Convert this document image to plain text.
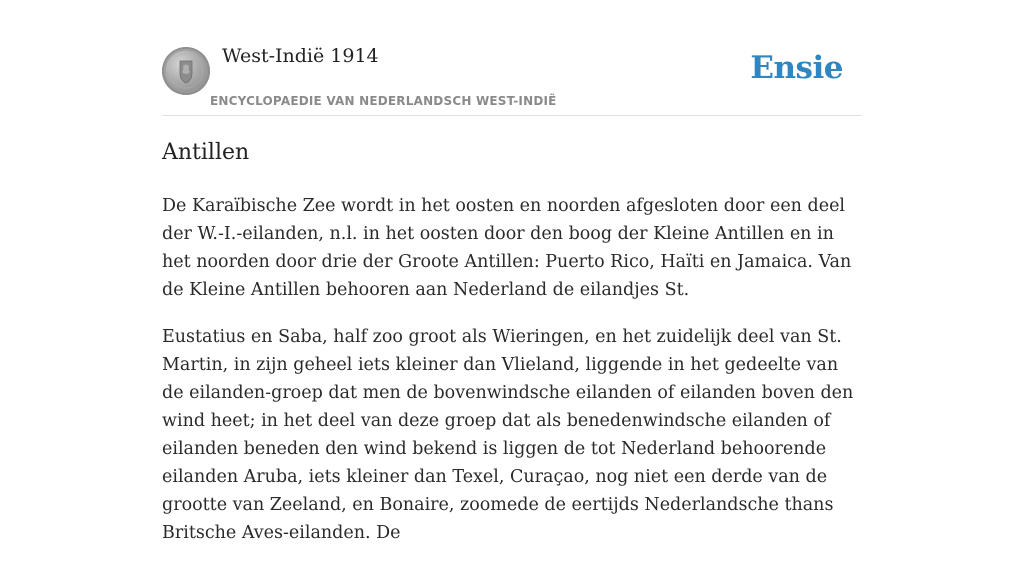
West-Indië 1914
ENCYCLOPAEDIE VAN NEDERLANDSCH WEST-INDIË
Ensie
Antillen

De Karaïbische Zee wordt in het oosten en noorden afgesloten door een deel der W.-I.-eilanden, n.l. in het oosten door den boog der Kleine Antillen en in het noorden door drie der Groote Antillen: Puerto Rico, Haïti en Jamaica. Van de Kleine Antillen behooren aan Nederland de eilandjes St.

Eustatius en Saba, half zoo groot als Wieringen, en het zuidelijk deel van St. Martin, in zijn geheel iets kleiner dan Vlieland, liggende in het gedeelte van de eilanden-groep dat men de bovenwindsche eilanden of eilanden boven den wind heet; in het deel van deze groep dat als benedenwindsche eilanden of eilanden beneden den wind bekend is liggen de tot Nederland behoorende eilanden Aruba, iets kleiner dan Texel, Curaçao, nog niet een derde van de grootte van Zeeland, en Bonaire, zoomede de eertijds Nederlandsche thans Britsche Aves-eilanden. De
